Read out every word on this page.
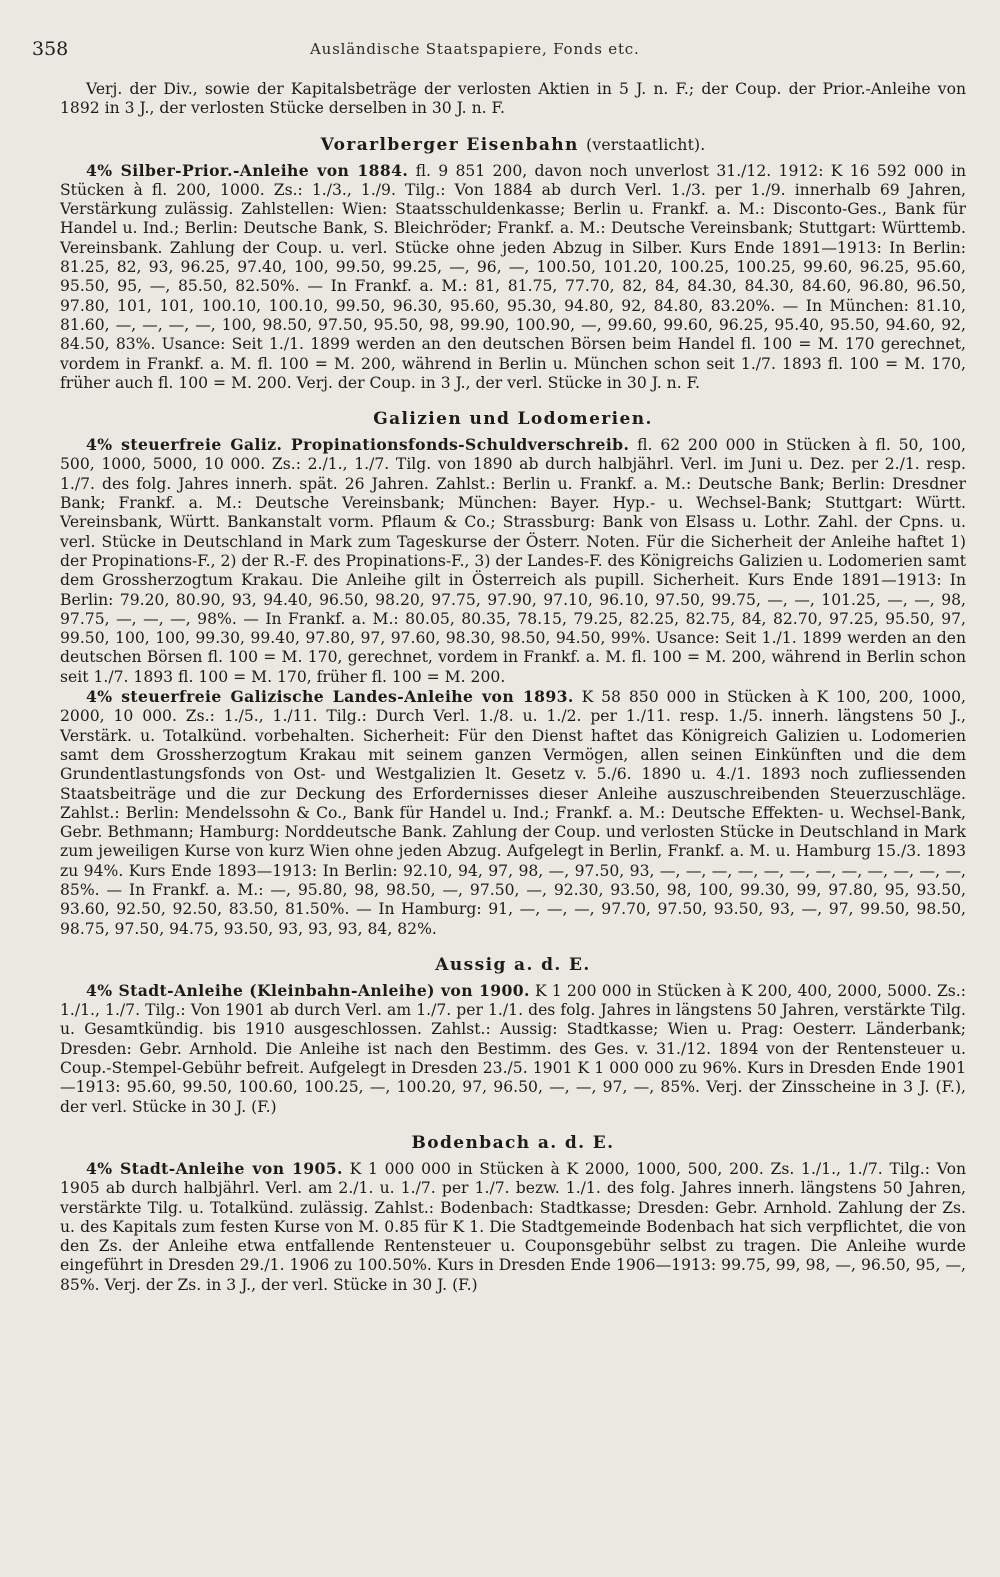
358	Ausländische Staatspapiere, Fonds etc.

Verj. der Div., sowie der Kapitalsbeträge der verlosten Aktien in 5 J. n. F.; der Coup. der Prior.-Anleihe von 1892 in 3 J., der verlosten Stücke derselben in 30 J. n. F.

Vorarlberger Eisenbahn (verstaatlicht).

4% Silber-Prior.-Anleihe von 1884. fl. 9 851 200, davon noch unverlost 31./12. 1912: K 16 592 000 in Stücken à fl. 200, 1000. Zs.: 1./3., 1./9. Tilg.: Von 1884 ab durch Verl. 1./3. per 1./9. innerhalb 69 Jahren, Verstärkung zulässig. Zahlstellen: Wien: Staatsschuldenkasse; Berlin u. Frankf. a. M.: Disconto-Ges., Bank für Handel u. Ind.; Berlin: Deutsche Bank, S. Bleichröder; Frankf. a. M.: Deutsche Vereinsbank; Stuttgart: Württemb. Vereinsbank. Zahlung der Coup. u. verl. Stücke ohne jeden Abzug in Silber. Kurs Ende 1891—1913: In Berlin: 81.25, 82, 93, 96.25, 97.40, 100, 99.50, 99.25, —, 96, —, 100.50, 101.20, 100.25, 100.25, 99.60, 96.25, 95.60, 95.50, 95, —, 85.50, 82.50%. — In Frankf. a. M.: 81, 81.75, 77.70, 82, 84, 84.30, 84.30, 84.60, 96.80, 96.50, 97.80, 101, 101, 100.10, 100.10, 99.50, 96.30, 95.60, 95.30, 94.80, 92, 84.80, 83.20%. — In München: 81.10, 81.60, —, —, —, —, 100, 98.50, 97.50, 95.50, 98, 99.90, 100.90, —, 99.60, 99.60, 96.25, 95.40, 95.50, 94.60, 92, 84.50, 83%. Usance: Seit 1./1. 1899 werden an den deutschen Börsen beim Handel fl. 100 = M. 170 gerechnet, vordem in Frankf. a. M. fl. 100 = M. 200, während in Berlin u. München schon seit 1./7. 1893 fl. 100 = M. 170, früher auch fl. 100 = M. 200. Verj. der Coup. in 3 J., der verl. Stücke in 30 J. n. F.

Galizien und Lodomerien.

4% steuerfreie Galiz. Propinationsfonds-Schuldverschreib. fl. 62 200 000 in Stücken à fl. 50, 100, 500, 1000, 5000, 10 000. Zs.: 2./1., 1./7. Tilg. von 1890 ab durch halbjährl. Verl. im Juni u. Dez. per 2./1. resp. 1./7. des folg. Jahres innerh. spät. 26 Jahren. Zahlst.: Berlin u. Frankf. a. M.: Deutsche Bank; Berlin: Dresdner Bank; Frankf. a. M.: Deutsche Vereinsbank; München: Bayer. Hyp.- u. Wechsel-Bank; Stuttgart: Württ. Vereinsbank, Württ. Bankanstalt vorm. Pflaum & Co.; Strassburg: Bank von Elsass u. Lothr. Zahl. der Cpns. u. verl. Stücke in Deutschland in Mark zum Tageskurse der Österr. Noten. Für die Sicherheit der Anleihe haftet 1) der Propinations-F., 2) der R.-F. des Propinations-F., 3) der Landes-F. des Königreichs Galizien u. Lodomerien samt dem Grossherzogtum Krakau. Die Anleihe gilt in Österreich als pupill. Sicherheit. Kurs Ende 1891—1913: In Berlin: 79.20, 80.90, 93, 94.40, 96.50, 98.20, 97.75, 97.90, 97.10, 96.10, 97.50, 99.75, —, —, 101.25, —, —, 98, 97.75, —, —, —, 98%. — In Frankf. a. M.: 80.05, 80.35, 78.15, 79.25, 82.25, 82.75, 84, 82.70, 97.25, 95.50, 97, 99.50, 100, 100, 99.30, 99.40, 97.80, 97, 97.60, 98.30, 98.50, 94.50, 99%. Usance: Seit 1./1. 1899 werden an den deutschen Börsen fl. 100 = M. 170, gerechnet, vordem in Frankf. a. M. fl. 100 = M. 200, während in Berlin schon seit 1./7. 1893 fl. 100 = M. 170, früher fl. 100 = M. 200.

4% steuerfreie Galizische Landes-Anleihe von 1893. K 58 850 000 in Stücken à K 100, 200, 1000, 2000, 10 000. Zs.: 1./5., 1./11. Tilg.: Durch Verl. 1./8. u. 1./2. per 1./11. resp. 1./5. innerh. längstens 50 J., Verstärk. u. Totalkünd. vorbehalten. Sicherheit: Für den Dienst haftet das Königreich Galizien u. Lodomerien samt dem Grossherzogtum Krakau mit seinem ganzen Vermögen, allen seinen Einkünften und die dem Grundentlastungsfonds von Ost- und Westgalizien lt. Gesetz v. 5./6. 1890 u. 4./1. 1893 noch zufliessenden Staatsbeiträge und die zur Deckung des Erfordernisses dieser Anleihe auszuschreibenden Steuerzuschläge. Zahlst.: Berlin: Mendelssohn & Co., Bank für Handel u. Ind.; Frankf. a. M.: Deutsche Effekten- u. Wechsel-Bank, Gebr. Bethmann; Hamburg: Norddeutsche Bank. Zahlung der Coup. und verlosten Stücke in Deutschland in Mark zum jeweiligen Kurse von kurz Wien ohne jeden Abzug. Aufgelegt in Berlin, Frankf. a. M. u. Hamburg 15./3. 1893 zu 94%. Kurs Ende 1893—1913: In Berlin: 92.10, 94, 97, 98, —, 97.50, 93, —, —, —, —, —, —, —, —, —, —, —, —, 85%. — In Frankf. a. M.: —, 95.80, 98, 98.50, —, 97.50, —, 92.30, 93.50, 98, 100, 99.30, 99, 97.80, 95, 93.50, 93.60, 92.50, 92.50, 83.50, 81.50%. — In Hamburg: 91, —, —, —, 97.70, 97.50, 93.50, 93, —, 97, 99.50, 98.50, 98.75, 97.50, 94.75, 93.50, 93, 93, 93, 84, 82%.

Aussig a. d. E.

4% Stadt-Anleihe (Kleinbahn-Anleihe) von 1900. K 1 200 000 in Stücken à K 200, 400, 2000, 5000. Zs.: 1./1., 1./7. Tilg.: Von 1901 ab durch Verl. am 1./7. per 1./1. des folg. Jahres in längstens 50 Jahren, verstärkte Tilg. u. Gesamtkündig. bis 1910 ausgeschlossen. Zahlst.: Aussig: Stadtkasse; Wien u. Prag: Oesterr. Länderbank; Dresden: Gebr. Arnhold. Die Anleihe ist nach den Bestimm. des Ges. v. 31./12. 1894 von der Rentensteuer u. Coup.-Stempel-Gebühr befreit. Aufgelegt in Dresden 23./5. 1901 K 1 000 000 zu 96%. Kurs in Dresden Ende 1901—1913: 95.60, 99.50, 100.60, 100.25, —, 100.20, 97, 96.50, —, —, 97, —, 85%. Verj. der Zinsscheine in 3 J. (F.), der verl. Stücke in 30 J. (F.)

Bodenbach a. d. E.

4% Stadt-Anleihe von 1905. K 1 000 000 in Stücken à K 2000, 1000, 500, 200. Zs. 1./1., 1./7. Tilg.: Von 1905 ab durch halbjährl. Verl. am 2./1. u. 1./7. per 1./7. bezw. 1./1. des folg. Jahres innerh. längstens 50 Jahren, verstärkte Tilg. u. Totalkünd. zulässig. Zahlst.: Bodenbach: Stadtkasse; Dresden: Gebr. Arnhold. Zahlung der Zs. u. des Kapitals zum festen Kurse von M. 0.85 für K 1. Die Stadtgemeinde Bodenbach hat sich verpflichtet, die von den Zs. der Anleihe etwa entfallende Rentensteuer u. Couponsgebühr selbst zu tragen. Die Anleihe wurde eingeführt in Dresden 29./1. 1906 zu 100.50%. Kurs in Dresden Ende 1906—1913: 99.75, 99, 98, —, 96.50, 95, —, 85%. Verj. der Zs. in 3 J., der verl. Stücke in 30 J. (F.)
